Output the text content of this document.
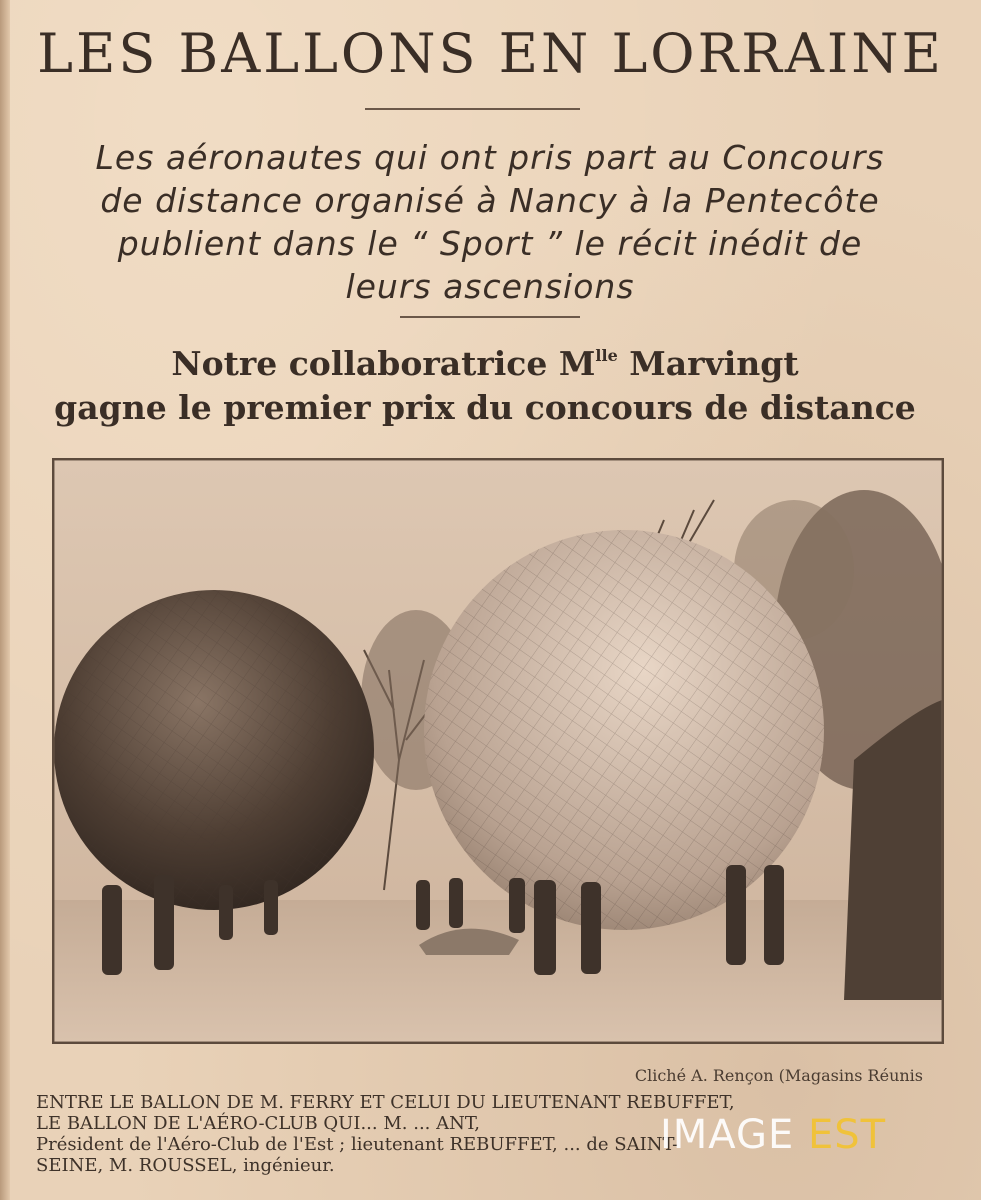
LES BALLONS EN LORRAINE
Les aéronautes qui ont pris part au Concours
de distance organisé à Nancy à la Pentecôte
publient dans le “ Sport ” le récit inédit de
leurs ascensions
Notre collaboratrice $M^{lle}$ Marvingt
gagne le premier prix du concours de distance
Cliché A. Rençon (Magasins Réunis
ENTRE LE BALLON DE M. FERRY ET CELUI DU LIEUTENANT REBUFFET,
LE BALLON DE L'AÉRO-CLUB QUI... M. ... ANT,
Président de l'Aéro-Club de l'Est ; lieutenant REBUFFET, ... de SAINT-
SEINE, M. ROUSSEL, ingénieur.
IMAGE EST
